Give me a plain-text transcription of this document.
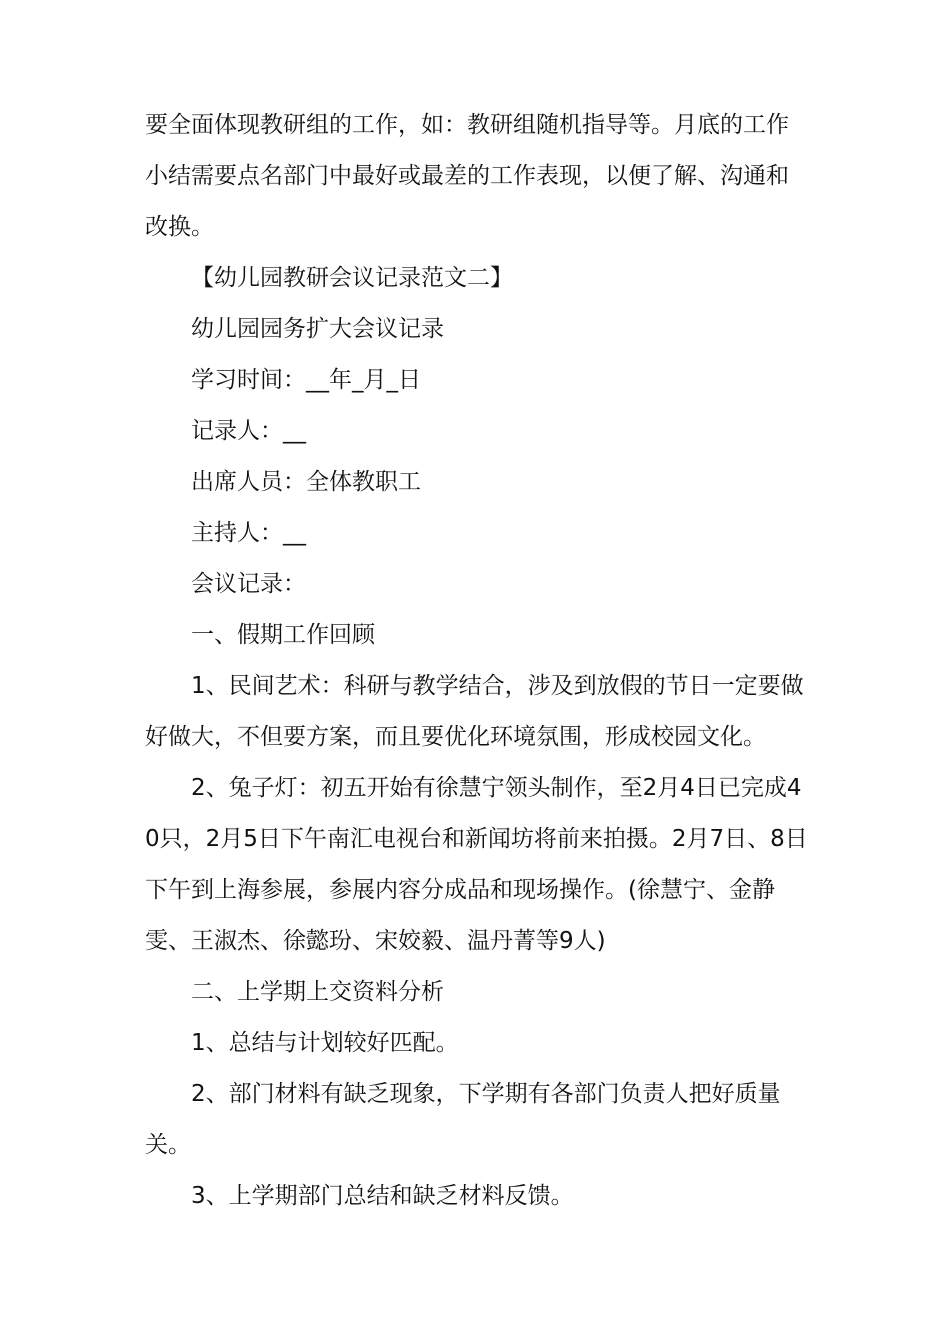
要全面体现教研组的工作，如：教研组随机指导等。月底的工作小结需要点名部门中最好或最差的工作表现，以便了解、沟通和改换。

【幼儿园教研会议记录范文二】

幼儿园园务扩大会议记录

学习时间：__年_月_日

记录人：__

出席人员：全体教职工

主持人：__

会议记录：

一、假期工作回顾

1、民间艺术：科研与教学结合，涉及到放假的节日一定要做好做大，不但要方案，而且要优化环境氛围，形成校园文化。

2、兔子灯：初五开始有徐慧宁领头制作，至2月4日已完成40只，2月5日下午南汇电视台和新闻坊将前来拍摄。2月7日、8日下午到上海参展，参展内容分成品和现场操作。(徐慧宁、金静雯、王淑杰、徐懿玢、宋姣毅、温丹菁等9人)

二、上学期上交资料分析

1、总结与计划较好匹配。

2、部门材料有缺乏现象，下学期有各部门负责人把好质量关。

3、上学期部门总结和缺乏材料反馈。
